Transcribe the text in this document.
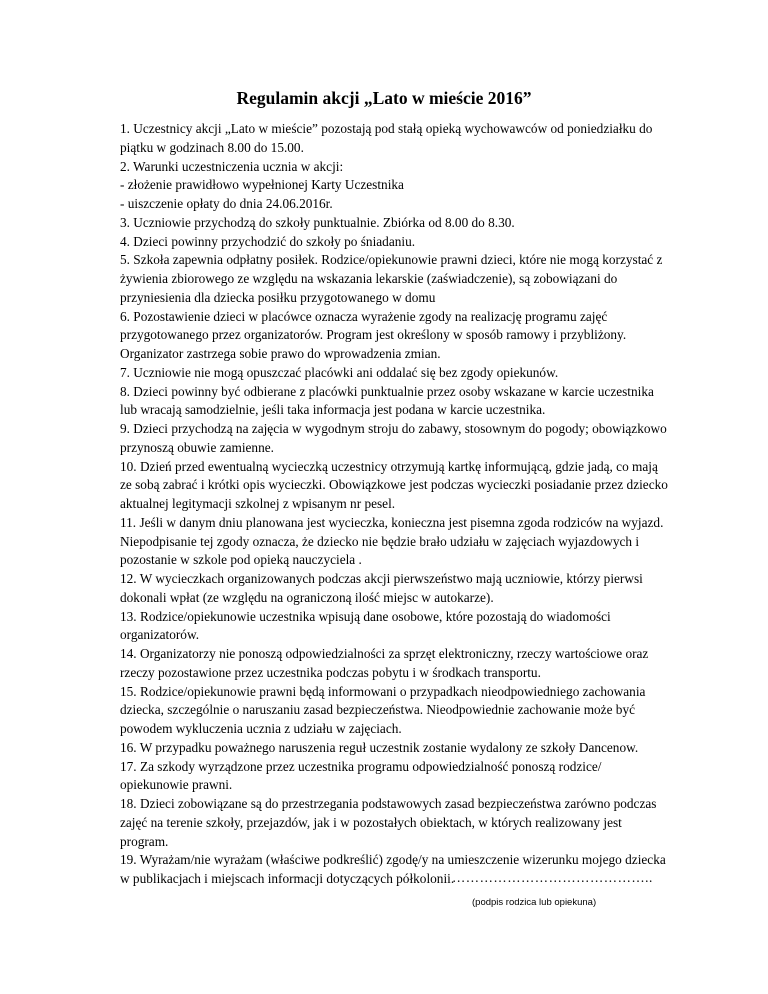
Regulamin akcji „Lato w mieście 2016”
1. Uczestnicy akcji „Lato w mieście” pozostają pod stałą opieką wychowawców od poniedziałku do
piątku w godzinach 8.00 do 15.00.
2. Warunki uczestniczenia ucznia w akcji:
- złożenie prawidłowo wypełnionej Karty Uczestnika
- uiszczenie opłaty do dnia 24.06.2016r.
3. Uczniowie przychodzą do szkoły punktualnie. Zbiórka od 8.00 do 8.30.
4. Dzieci powinny przychodzić do szkoły po śniadaniu.
5. Szkoła zapewnia odpłatny posiłek. Rodzice/opiekunowie prawni dzieci, które nie mogą korzystać z
żywienia zbiorowego ze względu na wskazania lekarskie (zaświadczenie), są zobowiązani do
przyniesienia dla dziecka posiłku przygotowanego w domu
6. Pozostawienie dzieci w placówce oznacza wyrażenie zgody na realizację programu zajęć
przygotowanego przez organizatorów. Program jest określony w sposób ramowy i przybliżony.
Organizator zastrzega sobie prawo do wprowadzenia zmian.
7. Uczniowie nie mogą opuszczać placówki ani oddalać się bez zgody opiekunów.
8. Dzieci powinny być odbierane z placówki punktualnie przez osoby wskazane w karcie uczestnika
lub wracają samodzielnie, jeśli taka informacja jest podana w karcie uczestnika.
9. Dzieci przychodzą na zajęcia w wygodnym stroju do zabawy, stosownym do pogody; obowiązkowo
przynoszą obuwie zamienne.
10. Dzień przed ewentualną wycieczką uczestnicy otrzymują kartkę informującą, gdzie jadą, co mają
ze sobą zabrać i krótki opis wycieczki. Obowiązkowe jest podczas wycieczki posiadanie przez dziecko
aktualnej legitymacji szkolnej z wpisanym nr pesel.
11. Jeśli w danym dniu planowana jest wycieczka, konieczna jest pisemna zgoda rodziców na wyjazd.
Niepodpisanie tej zgody oznacza, że dziecko nie będzie brało udziału w zajęciach wyjazdowych i
pozostanie w szkole pod opieką nauczyciela .
12. W wycieczkach organizowanych podczas akcji pierwszeństwo mają uczniowie, którzy pierwsi
dokonali wpłat (ze względu na ograniczoną ilość miejsc w autokarze).
13. Rodzice/opiekunowie uczestnika wpisują dane osobowe, które pozostają do wiadomości
organizatorów.
14. Organizatorzy nie ponoszą odpowiedzialności za sprzęt elektroniczny, rzeczy wartościowe oraz
rzeczy pozostawione przez uczestnika podczas pobytu i w środkach transportu.
15. Rodzice/opiekunowie prawni będą informowani o przypadkach nieodpowiedniego zachowania
dziecka, szczególnie o naruszaniu zasad bezpieczeństwa. Nieodpowiednie zachowanie może być
powodem wykluczenia ucznia z udziału w zajęciach.
16. W przypadku poważnego naruszenia reguł uczestnik zostanie wydalony ze szkoły Dancenow.
17. Za szkody wyrządzone przez uczestnika programu odpowiedzialność ponoszą rodzice/
opiekunowie prawni.
18. Dzieci zobowiązane są do przestrzegania podstawowych zasad bezpieczeństwa zarówno podczas
zajęć na terenie szkoły, przejazdów, jak i w pozostałych obiektach, w których realizowany jest
program.
19. Wyrażam/nie wyrażam (właściwe podkreślić) zgodę/y na umieszczenie wizerunku mojego dziecka
w publikacjach i miejscach informacji dotyczących półkolonii.
……………………………………..
(podpis rodzica lub opiekuna)
